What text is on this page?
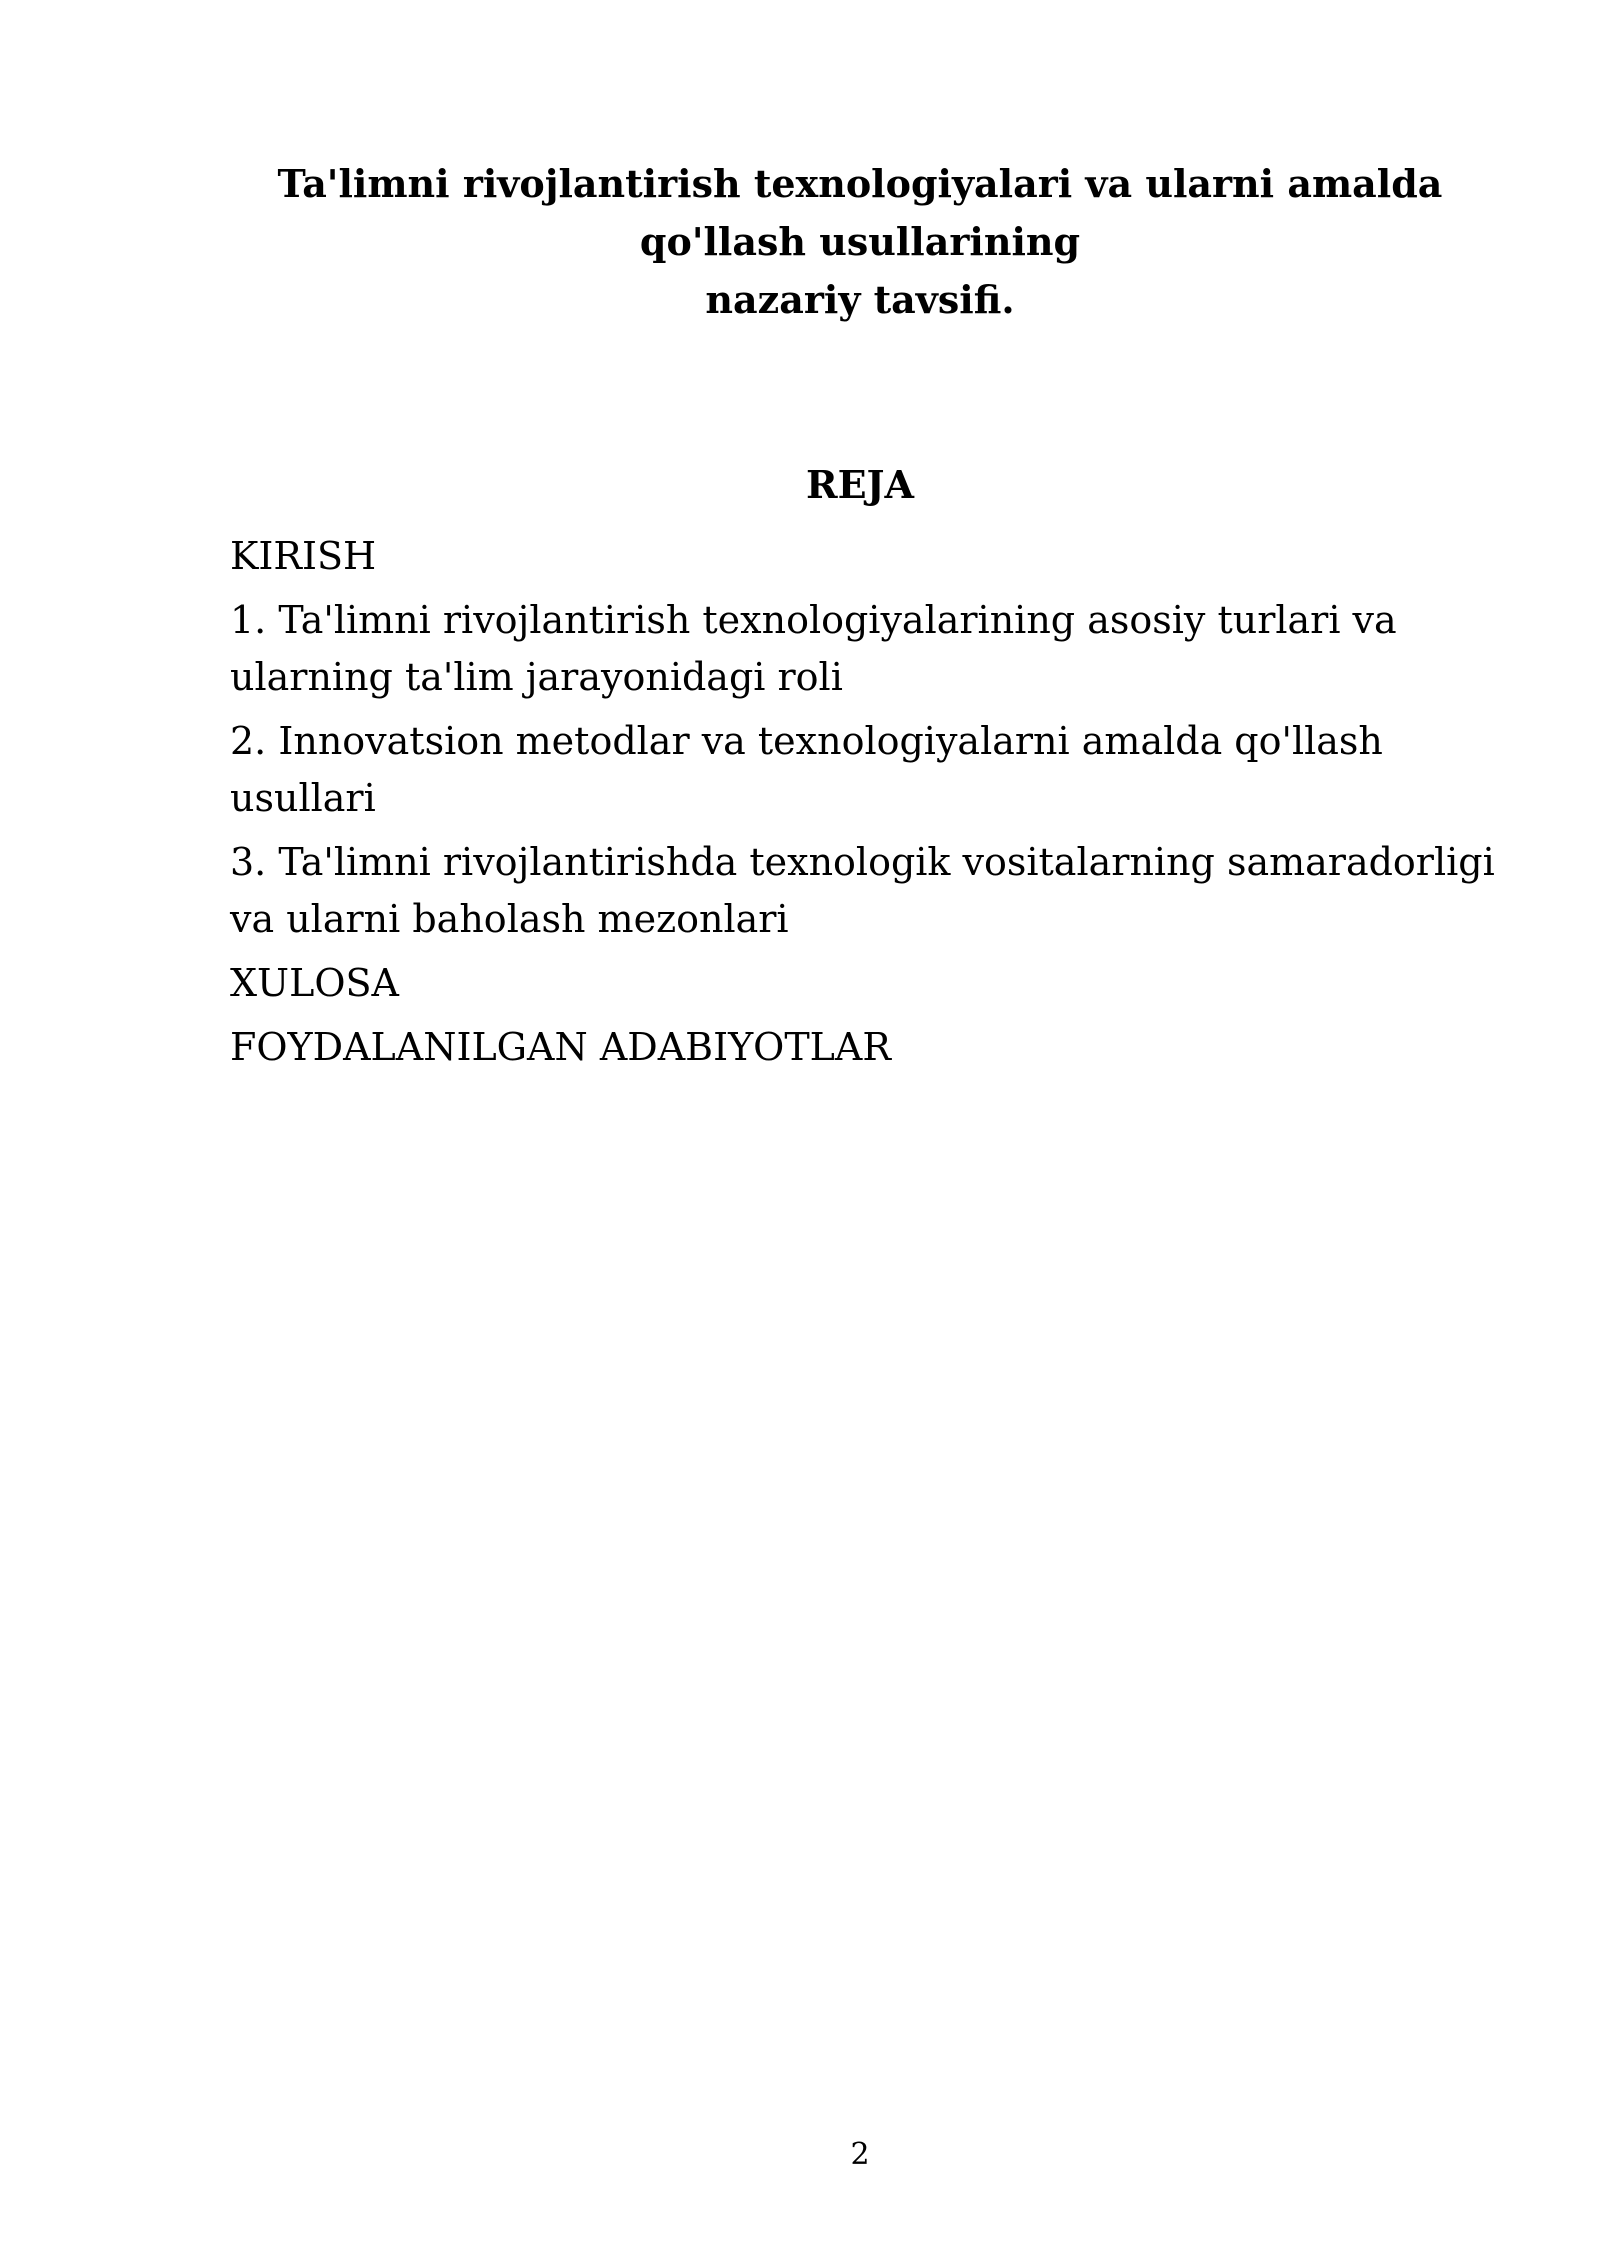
Ta'limni rivojlantirish texnologiyalari va ularni amalda
qo'llash usullarining
nazariy tavsifi.
REJA
KIRISH
1. Ta'limni rivojlantirish texnologiyalarining asosiy turlari va ularning ta'lim jarayonidagi roli
2. Innovatsion metodlar va texnologiyalarni amalda qo'llash usullari
3. Ta'limni rivojlantirishda texnologik vositalarning samaradorligi va ularni baholash mezonlari
XULOSA
FOYDALANILGAN ADABIYOTLAR
2
